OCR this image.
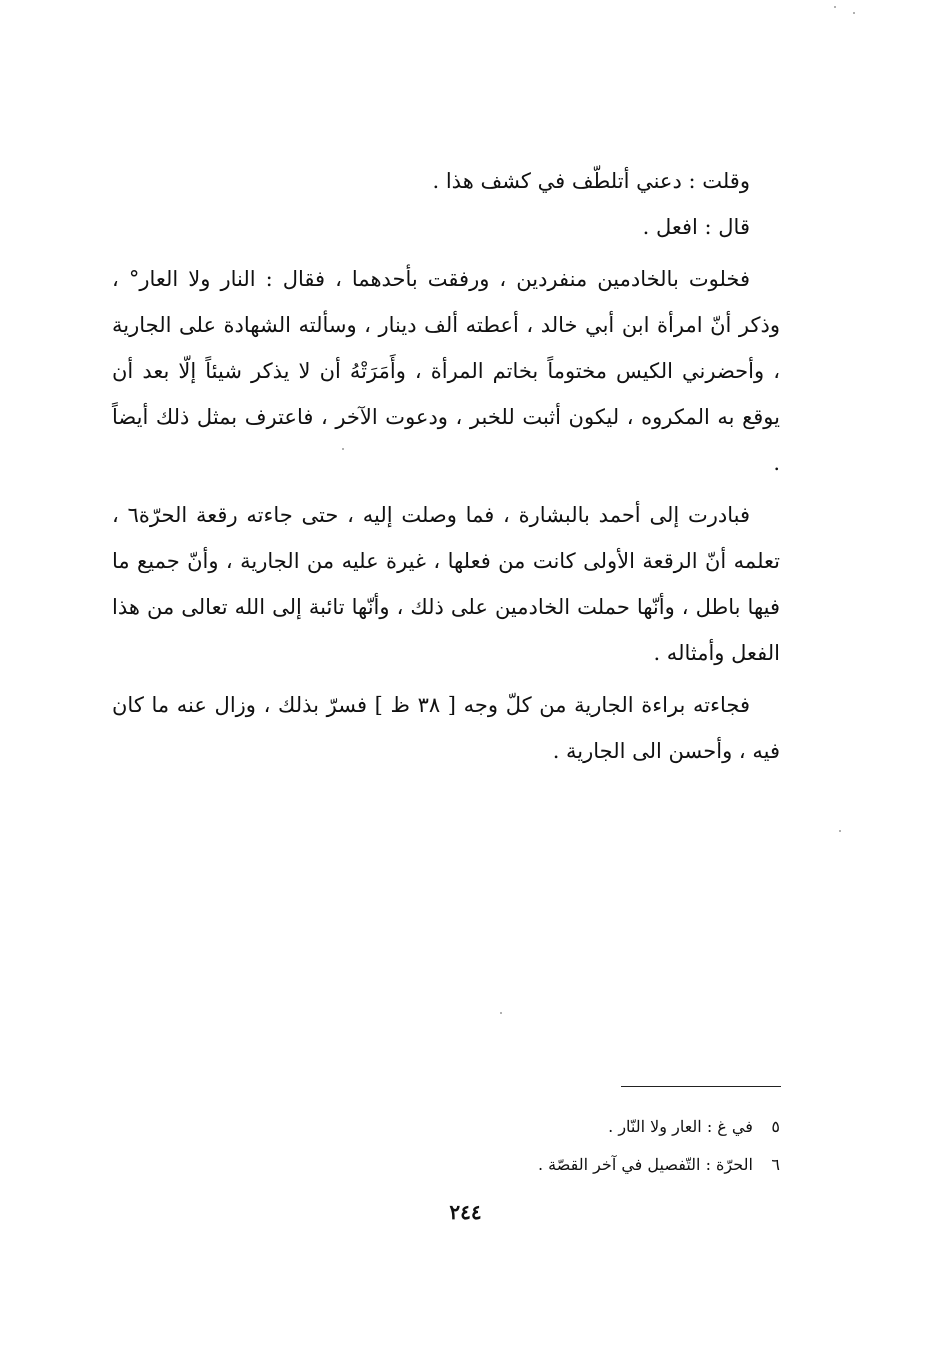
وقلت : دعني أتلطّف في كشف هذا .

قال : افعل .

فخلوت بالخادمين منفردين ، ورفقت بأحدهما ، فقال : النار ولا العار° ، وذكر أنّ امرأة ابن أبي خالد ، أعطته ألف دينار ، وسألته الشهادة على الجارية ، وأحضرني الكيس مختوماً بخاتم المرأة ، وأَمَرَتْهُ أن لا يذكر شيئاً إلّا بعد أن يوقع به المكروه ، ليكون أثبت للخبر ، ودعوت الآخر ، فاعترف بمثل ذلك أيضاً .

فبادرت إلى أحمد بالبشارة ، فما وصلت إليه ، حتى جاءته رقعة الحرّة٦ ، تعلمه أنّ الرقعة الأولى كانت من فعلها ، غيرة عليه من الجارية ، وأنّ جميع ما فيها باطل ، وأنّها حملت الخادمين على ذلك ، وأنّها تائبة إلى الله تعالى من هذا الفعل وأمثاله .

فجاءته براءة الجارية من كلّ وجه [ ٣٨ ظ ] فسرّ بذلك ، وزال عنه ما كان فيه ، وأحسن الى الجارية .

٥ في غ : العار ولا النّار .

٦ الحرّة : التّفصيل في آخر القصّة .

٢٤٤
